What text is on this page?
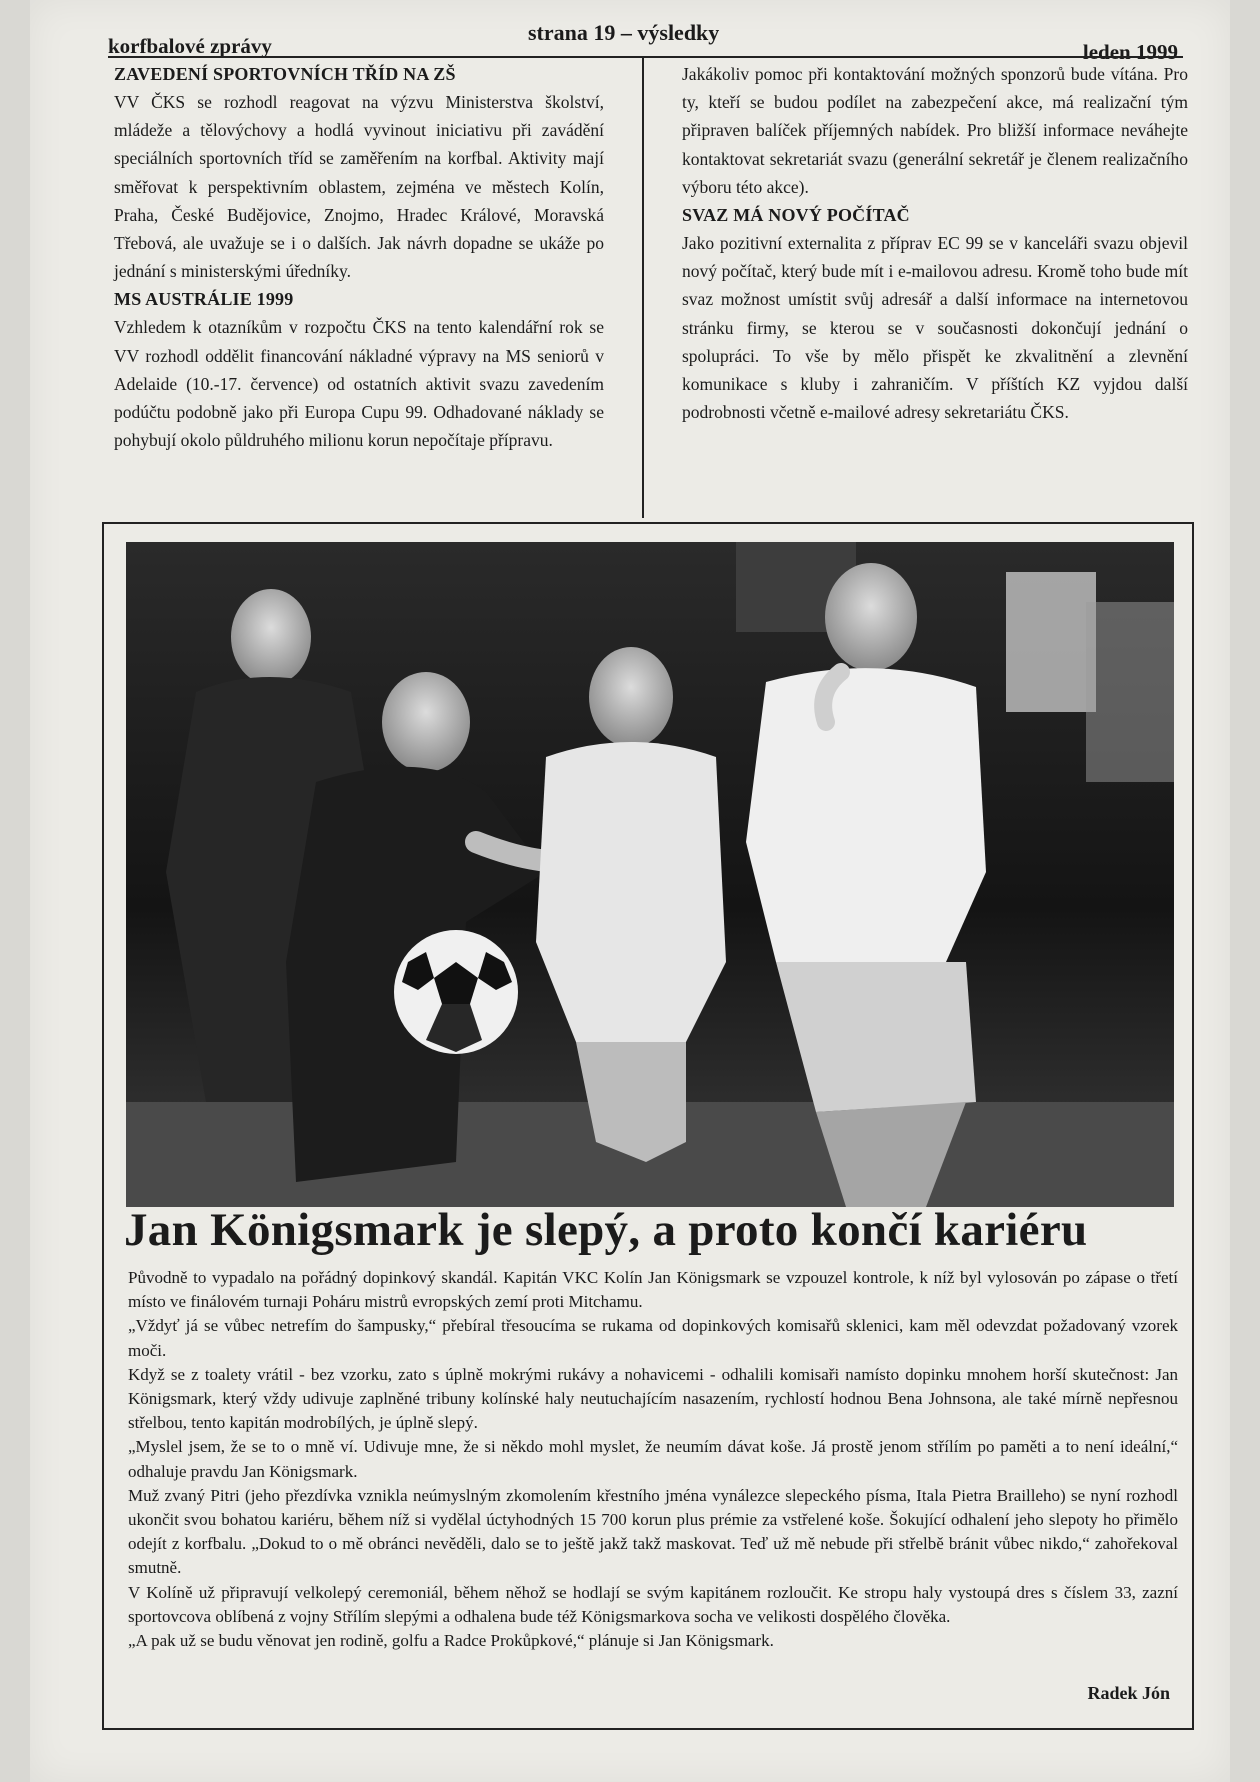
korfbalové zprávy
strana 19 – výsledky
leden 1999
ZAVEDENÍ SPORTOVNÍCH TŘÍD NA ZŠ

VV ČKS se rozhodl reagovat na výzvu Ministerstva školství, mládeže a tělovýchovy a hodlá vyvinout iniciativu při zavádění speciálních sportovních tříd se zaměřením na korfbal. Aktivity mají směřovat k perspektivním oblastem, zejména ve městech Kolín, Praha, České Budějovice, Znojmo, Hradec Králové, Moravská Třebová, ale uvažuje se i o dalších. Jak návrh dopadne se ukáže po jednání s ministerskými úředníky.

MS AUSTRÁLIE 1999

Vzhledem k otazníkům v rozpočtu ČKS na tento kalendářní rok se VV rozhodl oddělit financování nákladné výpravy na MS seniorů v Adelaide (10.-17. července) od ostatních aktivit svazu zavedením podúčtu podobně jako při Europa Cupu 99. Odhadované náklady se pohybují okolo půldruhého milionu korun nepočítaje přípravu.

Jakákoliv pomoc při kontaktování možných sponzorů bude vítána. Pro ty, kteří se budou podílet na zabezpečení akce, má realizační tým připraven balíček příjemných nabídek. Pro bližší informace neváhejte kontaktovat sekretariát svazu (generální sekretář je členem realizačního výboru této akce).

SVAZ MÁ NOVÝ POČÍTAČ

Jako pozitivní externalita z příprav EC 99 se v kanceláři svazu objevil nový počítač, který bude mít i e-mailovou adresu. Kromě toho bude mít svaz možnost umístit svůj adresář a další informace na internetovou stránku firmy, se kterou se v současnosti dokončují jednání o spolupráci. To vše by mělo přispět ke zkvalitnění a zlevnění komunikace s kluby i zahraničím. V příštích KZ vyjdou další podrobnosti včetně e-mailové adresy sekretariátu ČKS.

Jan Königsmark je slepý, a proto končí kariéru

Původně to vypadalo na pořádný dopinkový skandál. Kapitán VKC Kolín Jan Königsmark se vzpouzel kontrole, k níž byl vylosován po zápase o třetí místo ve finálovém turnaji Poháru mistrů evropských zemí proti Mitchamu.

„Vždyť já se vůbec netrefím do šampusky,“ přebíral třesoucíma se rukama od dopinkových komisařů sklenici, kam měl odevzdat požadovaný vzorek moči.

Když se z toalety vrátil - bez vzorku, zato s úplně mokrými rukávy a nohavicemi - odhalili komisaři namísto dopinku mnohem horší skutečnost: Jan Königsmark, který vždy udivuje zaplněné tribuny kolínské haly neutuchajícím nasazením, rychlostí hodnou Bena Johnsona, ale také mírně nepřesnou střelbou, tento kapitán modrobílých, je úplně slepý.

„Myslel jsem, že se to o mně ví. Udivuje mne, že si někdo mohl myslet, že neumím dávat koše. Já prostě jenom střílím po paměti a to není ideální,“ odhaluje pravdu Jan Königsmark.

Muž zvaný Pitri (jeho přezdívka vznikla neúmyslným zkomolením křestního jména vynálezce slepeckého písma, Itala Pietra Brailleho) se nyní rozhodl ukončit svou bohatou kariéru, během níž si vydělal úctyhodných 15 700 korun plus prémie za vstřelené koše. Šokující odhalení jeho slepoty ho přimělo odejít z korfbalu. „Dokud to o mě obránci nevěděli, dalo se to ještě jakž takž maskovat. Teď už mě nebude při střelbě bránit vůbec nikdo,“ zahořekoval smutně.

V Kolíně už připravují velkolepý ceremoniál, během něhož se hodlají se svým kapitánem rozloučit. Ke stropu haly vystoupá dres s číslem 33, zazní sportovcova oblíbená z vojny Střílím slepými a odhalena bude též Königsmarkova socha ve velikosti dospělého člověka.

„A pak už se budu věnovat jen rodině, golfu a Radce Prokůpkové,“ plánuje si Jan Königsmark.

Radek Jón
